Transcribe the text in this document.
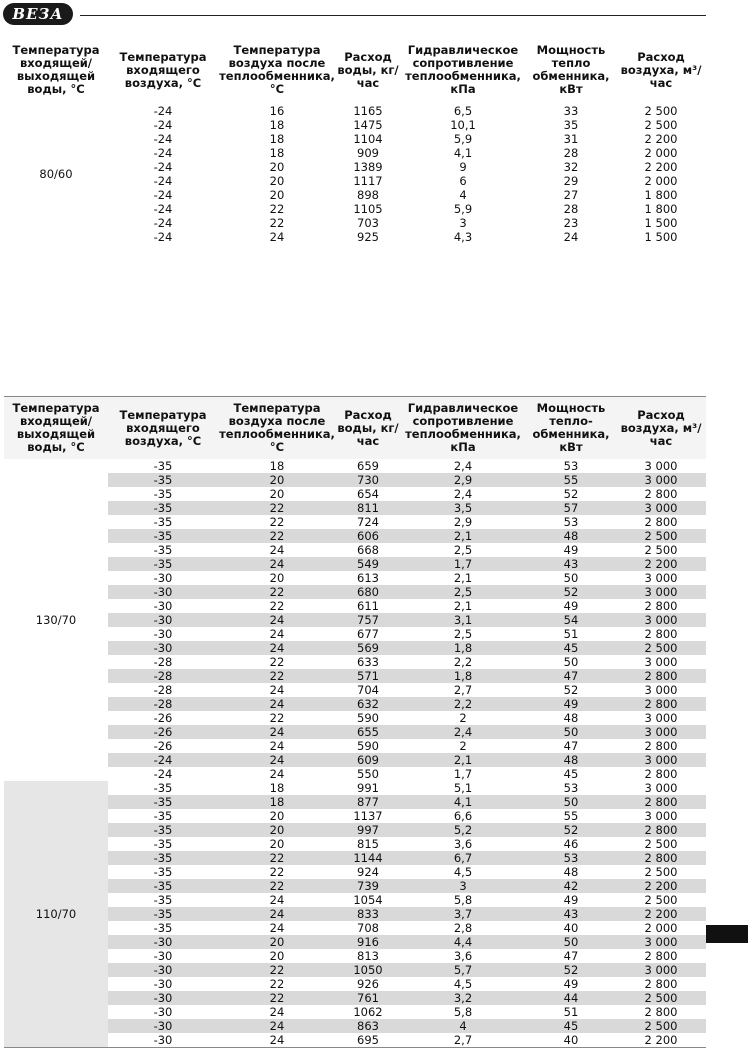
ВЕЗА
Температура входящей/ выходящей воды, °С	Температура входящего воздуха, °С	Температура воздуха после теплообменника, °С	Расход воды, кг/час	Гидравлическое сопротивление теплообменника, кПа	Мощность тепло обменника, кВт	Расход воздуха, м³/час
80/60	-24	16	1165	6,5	33	2 500
	-24	18	1475	10,1	35	2 500
	-24	18	1104	5,9	31	2 200
	-24	18	909	4,1	28	2 000
	-24	20	1389	9	32	2 200
	-24	20	1117	6	29	2 000
	-24	20	898	4	27	1 800
	-24	22	1105	5,9	28	1 800
	-24	22	703	3	23	1 500
	-24	24	925	4,3	24	1 500
Температура входящей/ выходящей воды, °С	Температура входящего воздуха, °С	Температура воздуха после теплообменника, °С	Расход воды, кг/час	Гидравлическое сопротивление теплообменника, кПа	Мощность тепло- обменника, кВт	Расход воздуха, м³/час
130/70	-35	18	659	2,4	53	3 000
	-35	20	730	2,9	55	3 000
	-35	20	654	2,4	52	2 800
	-35	22	811	3,5	57	3 000
	-35	22	724	2,9	53	2 800
	-35	22	606	2,1	48	2 500
	-35	24	668	2,5	49	2 500
	-35	24	549	1,7	43	2 200
	-30	20	613	2,1	50	3 000
	-30	22	680	2,5	52	3 000
	-30	22	611	2,1	49	2 800
	-30	24	757	3,1	54	3 000
	-30	24	677	2,5	51	2 800
	-30	24	569	1,8	45	2 500
	-28	22	633	2,2	50	3 000
	-28	22	571	1,8	47	2 800
	-28	24	704	2,7	52	3 000
	-28	24	632	2,2	49	2 800
	-26	22	590	2	48	3 000
	-26	24	655	2,4	50	3 000
	-26	24	590	2	47	2 800
	-24	24	609	2,1	48	3 000
	-24	24	550	1,7	45	2 800
110/70	-35	18	991	5,1	53	3 000
	-35	18	877	4,1	50	2 800
	-35	20	1137	6,6	55	3 000
	-35	20	997	5,2	52	2 800
	-35	20	815	3,6	46	2 500
	-35	22	1144	6,7	53	2 800
	-35	22	924	4,5	48	2 500
	-35	22	739	3	42	2 200
	-35	24	1054	5,8	49	2 500
	-35	24	833	3,7	43	2 200
	-35	24	708	2,8	40	2 000
	-30	20	916	4,4	50	3 000
	-30	20	813	3,6	47	2 800
	-30	22	1050	5,7	52	3 000
	-30	22	926	4,5	49	2 800
	-30	22	761	3,2	44	2 500
	-30	24	1062	5,8	51	2 800
	-30	24	863	4	45	2 500
	-30	24	695	2,7	40	2 200
